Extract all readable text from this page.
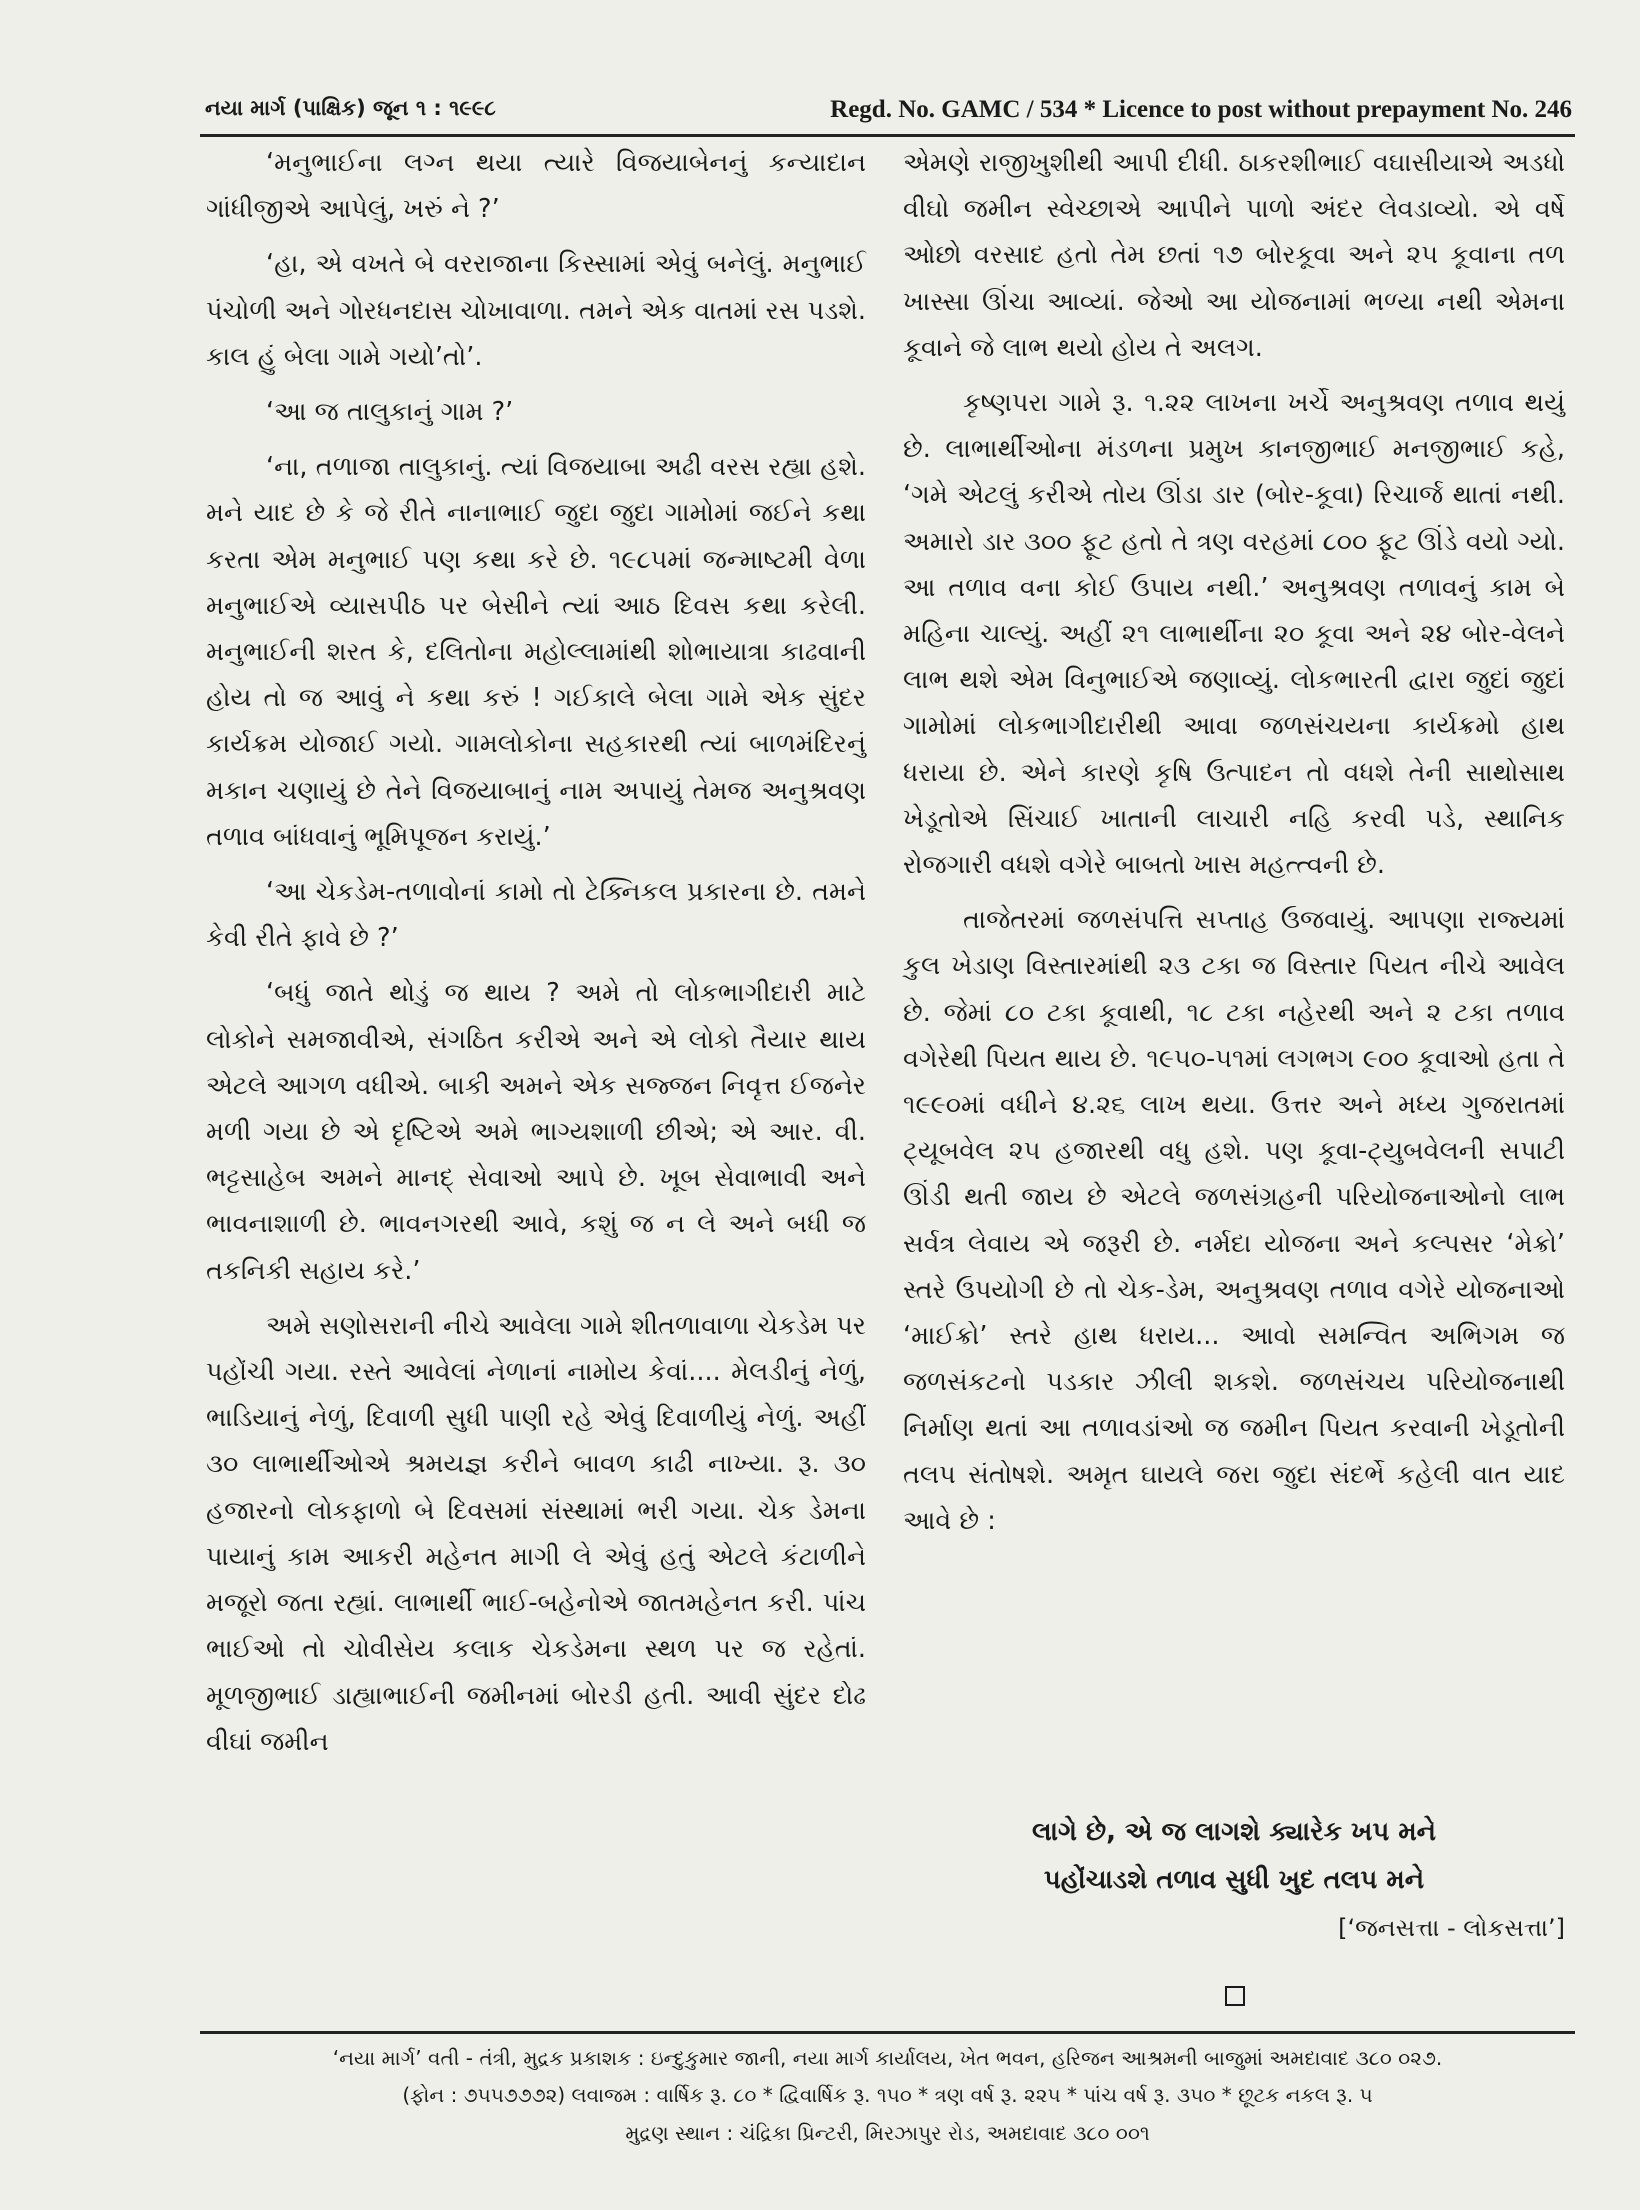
નયા માર્ગ (પાક્ષિક) જૂન ૧ : ૧૯૯૮	Regd. No. GAMC / 534 * Licence to post without prepayment No. 246

‘મનુભાઈના લગ્ન થયા ત્યારે વિજયાબેનનું કન્યાદાન ગાંધીજીએ આપેલું, ખરું ને ?’

‘હા, એ વખતે બે વરરાજાના કિસ્સામાં એવું બનેલું. મનુભાઈ પંચોળી અને ગોરધનદાસ ચોખાવાળા. તમને એક વાતમાં રસ પડશે. કાલ હું બેલા ગામે ગયો’તો’.

‘આ જ તાલુકાનું ગામ ?’

‘ના, તળાજા તાલુકાનું. ત્યાં વિજયાબા અઢી વરસ રહ્યા હશે. મને યાદ છે કે જે રીતે નાનાભાઈ જુદા જુદા ગામોમાં જઈને કથા કરતા એમ મનુભાઈ પણ કથા કરે છે. ૧૯૮૫માં જન્માષ્ટમી વેળા મનુભાઈએ વ્યાસપીઠ પર બેસીને ત્યાં આઠ દિવસ કથા કરેલી. મનુભાઈની શરત કે, દલિતોના મહોલ્લામાંથી શોભાયાત્રા કાઢવાની હોય તો જ આવું ને કથા કરું ! ગઈકાલે બેલા ગામે એક સુંદર કાર્યક્રમ યોજાઈ ગયો. ગામલોકોના સહકારથી ત્યાં બાળમંદિરનું મકાન ચણાયું છે તેને વિજયાબાનું નામ અપાયું તેમજ અનુશ્રવણ તળાવ બાંધવાનું ભૂમિપૂજન કરાયું.’

‘આ ચેકડેમ-તળાવોનાં કામો તો ટેક્નિકલ પ્રકારના છે. તમને કેવી રીતે ફાવે છે ?’

‘બધું જાતે થોડું જ થાય ? અમે તો લોકભાગીદારી માટે લોકોને સમજાવીએ, સંગઠિત કરીએ અને એ લોકો તૈયાર થાય એટલે આગળ વધીએ. બાકી અમને એક સજ્જન નિવૃત્ત ઈજનેર મળી ગયા છે એ દૃષ્ટિએ અમે ભાગ્યશાળી છીએ; એ આર. વી. ભટ્ટસાહેબ અમને માનદ્ સેવાઓ આપે છે. ખૂબ સેવાભાવી અને ભાવનાશાળી છે. ભાવનગરથી આવે, કશું જ ન લે અને બધી જ તકનિકી સહાય કરે.’

અમે સણોસરાની નીચે આવેલા ગામે શીતળાવાળા ચેકડેમ પર પહોંચી ગયા. રસ્તે આવેલાં નેળાનાં નામોય કેવાં.... મેલડીનું નેળું, ભાડિયાનું નેળું, દિવાળી સુધી પાણી રહે એવું દિવાળીયું નેળું. અહીં ૩૦ લાભાર્થીઓએ શ્રમયજ્ઞ કરીને બાવળ કાઢી નાખ્યા. રૂ. ૩૦ હજારનો લોકફાળો બે દિવસમાં સંસ્થામાં ભરી ગયા. ચેક ડેમના પાયાનું કામ આકરી મહેનત માગી લે એવું હતું એટલે કંટાળીને મજૂરો જતા રહ્યાં. લાભાર્થી ભાઈ-બહેનોએ જાતમહેનત કરી. પાંચ ભાઈઓ તો ચોવીસેય કલાક ચેકડેમના સ્થળ પર જ રહેતાં. મૂળજીભાઈ ડાહ્યાભાઈની જમીનમાં બોરડી હતી. આવી સુંદર દોઢ વીઘાં જમીન

એમણે રાજીખુશીથી આપી દીધી. ઠાકરશીભાઈ વઘાસીયાએ અડધો વીઘો જમીન સ્વેચ્છાએ આપીને પાળો અંદર લેવડાવ્યો. એ વર્ષે ઓછો વરસાદ હતો તેમ છતાં ૧૭ બોરકૂવા અને ૨૫ કૂવાના તળ ખાસ્સા ઊંચા આવ્યાં. જેઓ આ યોજનામાં ભળ્યા નથી એમના કૂવાને જે લાભ થયો હોય તે અલગ.

કૃષ્ણપરા ગામે રૂ. ૧.૨૨ લાખના ખર્ચે અનુશ્રવણ તળાવ થયું છે. લાભાર્થીઓના મંડળના પ્રમુખ કાનજીભાઈ મનજીભાઈ કહે, ‘ગમે એટલું કરીએ તોય ઊંડા ડાર (બોર-કૂવા) રિચાર્જ થાતાં નથી. અમારો ડાર ૩૦૦ ફૂટ હતો તે ત્રણ વરહમાં ૮૦૦ ફૂટ ઊંડે વયો ગ્યો. આ તળાવ વના કોઈ ઉપાય નથી.’ અનુશ્રવણ તળાવનું કામ બે મહિના ચાલ્યું. અહીં ૨૧ લાભાર્થીના ૨૦ કૂવા અને ૨૪ બોર-વેલને લાભ થશે એમ વિનુભાઈએ જણાવ્યું. લોકભારતી દ્વારા જુદાં જુદાં ગામોમાં લોકભાગીદારીથી આવા જળસંચયના કાર્યક્રમો હાથ ધરાયા છે. એને કારણે કૃષિ ઉત્પાદન તો વધશે તેની સાથોસાથ ખેડૂતોએ સિંચાઈ ખાતાની લાચારી નહિ કરવી પડે, સ્થાનિક રોજગારી વધશે વગેરે બાબતો ખાસ મહત્ત્વની છે.

તાજેતરમાં જળસંપત્તિ સપ્તાહ ઉજવાયું. આપણા રાજ્યમાં કુલ ખેડાણ વિસ્તારમાંથી ૨૩ ટકા જ વિસ્તાર પિયત નીચે આવેલ છે. જેમાં ૮૦ ટકા કૂવાથી, ૧૮ ટકા નહેરથી અને ૨ ટકા તળાવ વગેરેથી પિયત થાય છે. ૧૯૫૦-૫૧માં લગભગ ૯૦૦ કૂવાઓ હતા તે ૧૯૯૦માં વધીને ૪.૨૬ લાખ થયા. ઉત્તર અને મધ્ય ગુજરાતમાં ટ્યૂબવેલ ૨૫ હજારથી વધુ હશે. પણ કૂવા-ટ્યુબવેલની સપાટી ઊંડી થતી જાય છે એટલે જળસંગ્રહની પરિયોજનાઓનો લાભ સર્વત્ર લેવાય એ જરૂરી છે. નર્મદા યોજના અને કલ્પસર ‘મેક્રો’ સ્તરે ઉપયોગી છે તો ચેક-ડેમ, અનુશ્રવણ તળાવ વગેરે યોજનાઓ ‘માઈક્રો’ સ્તરે હાથ ધરાય... આવો સમન્વિત અભિગમ જ જળસંકટનો પડકાર ઝીલી શકશે. જળસંચય પરિયોજનાથી નિર્માણ થતાં આ તળાવડાંઓ જ જમીન પિયત કરવાની ખેડૂતોની તલપ સંતોષશે. અમૃત ઘાયલે જરા જુદા સંદર્ભે કહેલી વાત યાદ આવે છે :

લાગે છે, એ જ લાગશે ક્યારેક ખપ મને
પહોંચાડશે તળાવ સુધી ખુદ તલપ મને
[‘જનસત્તા - લોકસત્તા’]
‘નયા માર્ગ’ વતી - તંત્રી, મુદ્રક પ્રકાશક : ઇન્દુકુમાર જાની, નયા માર્ગ કાર્યાલય, ખેત ભવન, હરિજન આશ્રમની બાજુમાં અમદાવાદ ૩૮૦ ૦૨૭.
(ફોન : ૭૫૫૭૭૭૨) લવાજમ : વાર્ષિક રૂ. ૮૦ * દ્વિવાર્ષિક રૂ. ૧૫૦ * ત્રણ વર્ષ રૂ. ૨૨૫ * પાંચ વર્ષ રૂ. ૩૫૦ * છૂટક નકલ રૂ. ૫
મુદ્રણ સ્થાન : ચંદ્રિકા પ્રિન્ટરી, મિરઝાપુર રોડ, અમદાવાદ ૩૮૦ ૦૦૧
